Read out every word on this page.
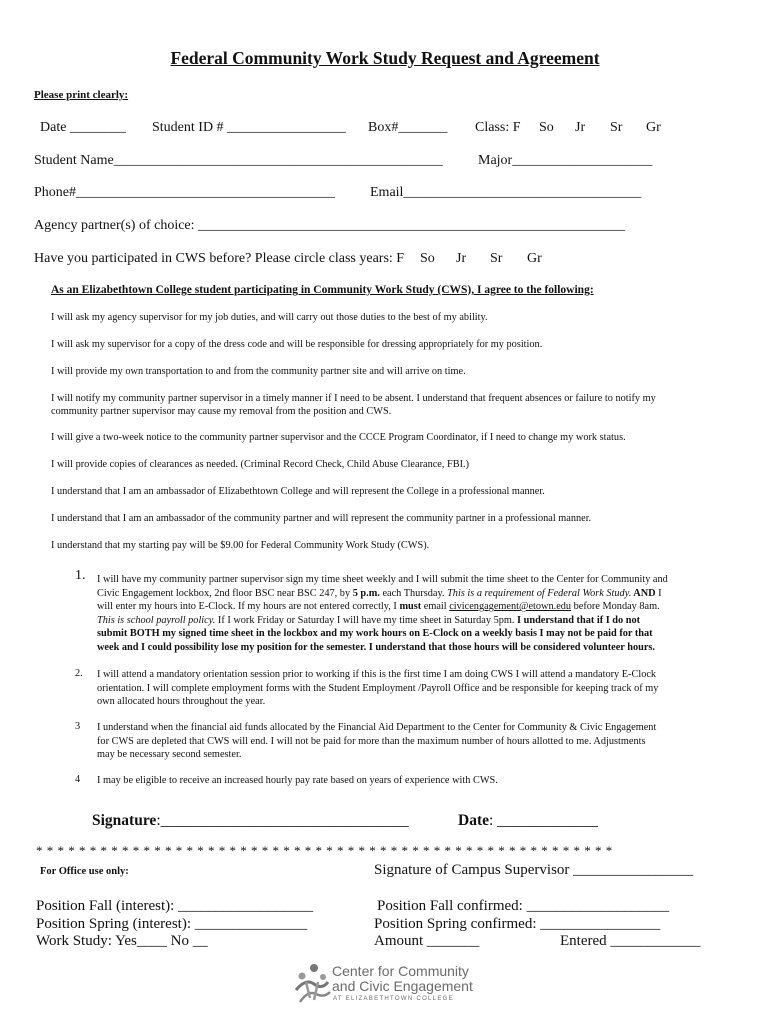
Federal Community Work Study Request and Agreement
Please print clearly:
Date ________ Student ID # _________________ Box#_______ Class: F So Jr Sr Gr
Student Name_______________________________________________	Major____________________
Phone#_____________________________________	Email__________________________________
Agency partner(s) of choice: _____________________________________________________________
Have you participated in CWS before? Please circle class years: F So Jr Sr Gr
As an Elizabethtown College student participating in Community Work Study (CWS), I agree to the following:
I will ask my agency supervisor for my job duties, and will carry out those duties to the best of my ability.
I will ask my supervisor for a copy of the dress code and will be responsible for dressing appropriately for my position.
I will provide my own transportation to and from the community partner site and will arrive on time.
I will notify my community partner supervisor in a timely manner if I need to be absent. I understand that frequent absences or failure to notify my
community partner supervisor may cause my removal from the position and CWS.
I will give a two-week notice to the community partner supervisor and the CCCE Program Coordinator, if I need to change my work status.
I will provide copies of clearances as needed. (Criminal Record Check, Child Abuse Clearance, FBI.)
I understand that I am an ambassador of Elizabethtown College and will represent the College in a professional manner.
I understand that I am an ambassador of the community partner and will represent the community partner in a professional manner.
I understand that my starting pay will be $9.00 for Federal Community Work Study (CWS).
1. I will have my community partner supervisor sign my time sheet weekly and I will submit the time sheet to the Center for Community and
Civic Engagement lockbox, 2nd floor BSC near BSC 247, by 5 p.m. each Thursday. This is a requirement of Federal Work Study. AND I
will enter my hours into E-Clock. If my hours are not entered correctly, I must email civicengagement@etown.edu before Monday 8am.
This is school payroll policy. If I work Friday or Saturday I will have my time sheet in Saturday 5pm. I understand that if I do not
submit BOTH my signed time sheet in the lockbox and my work hours on E-Clock on a weekly basis I may not be paid for that
week and I could possibility lose my position for the semester. I understand that those hours will be considered volunteer hours.
2. I will attend a mandatory orientation session prior to working if this is the first time I am doing CWS I will attend a mandatory E-Clock
orientation. I will complete employment forms with the Student Employment /Payroll Office and be responsible for keeping track of my
own allocated hours throughout the year.
3 I understand when the financial aid funds allocated by the Financial Aid Department to the Center for Community & Civic Engagement
for CWS are depleted that CWS will end. I will not be paid for more than the maximum number of hours allotted to me. Adjustments
may be necessary second semester.
4 I may be eligible to receive an increased hourly pay rate based on years of experience with CWS.
Signature:________________________________	Date: _____________
* * * * * * * * * * * * * * * * * * * * * * * * * * * * * * * * * * * * * * * * * * * * * * * * * * * * * *
For Office use only:	Signature of Campus Supervisor ________________
Position Fall (interest): __________________	Position Fall confirmed: ___________________
Position Spring (interest): _______________	Position Spring confirmed: ________________
Work Study: Yes____ No __	Amount _______	Entered ____________
Center for Community
and Civic Engagement
AT ELIZABETHTOWN COLLEGE
